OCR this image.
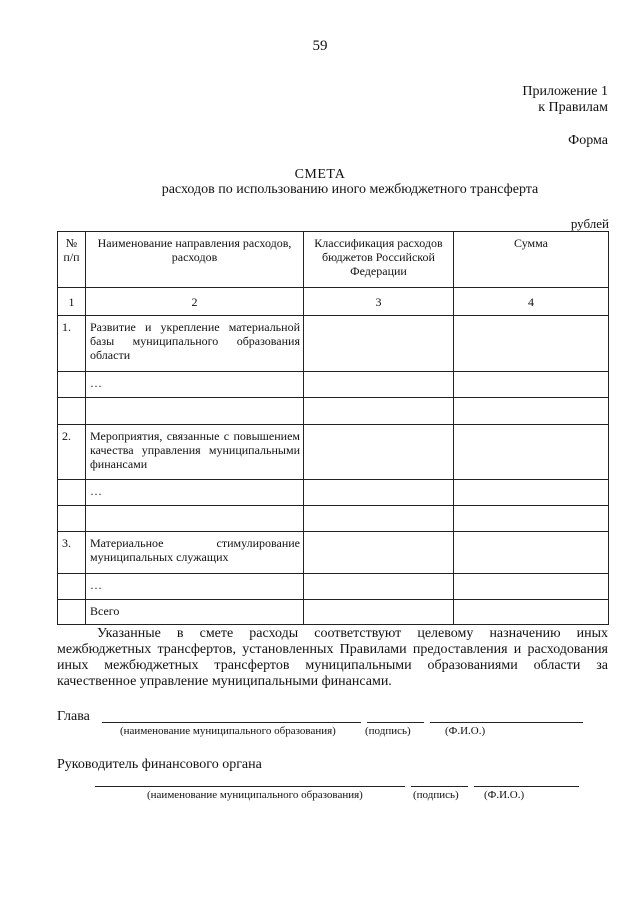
59
Приложение 1
к Правилам
Форма
СМЕТА
расходов по использованию иного межбюджетного трансферта
рублей
№ п/п	Наименование направления расходов, расходов	Классификация расходов бюджетов Российской Федерации	Сумма
1	2	3	4
1.	Развитие и укрепление материальной базы муниципального образования области		
	…		

2.	Мероприятия, связанные с повышением качества управления муниципальными финансами		
	…		

3.	Материальное стимулирование муниципальных служащих		
	…		
	Всего		
Указанные в смете расходы соответствуют целевому назначению иных межбюджетных трансфертов, установленных Правилами предоставления и расходования иных межбюджетных трансфертов муниципальными образованиями области за качественное управление муниципальными финансами.
Глава
(наименование муниципального образования)	(подпись)	(Ф.И.О.)
Руководитель финансового органа
(наименование муниципального образования)	(подпись) (Ф.И.О.)
